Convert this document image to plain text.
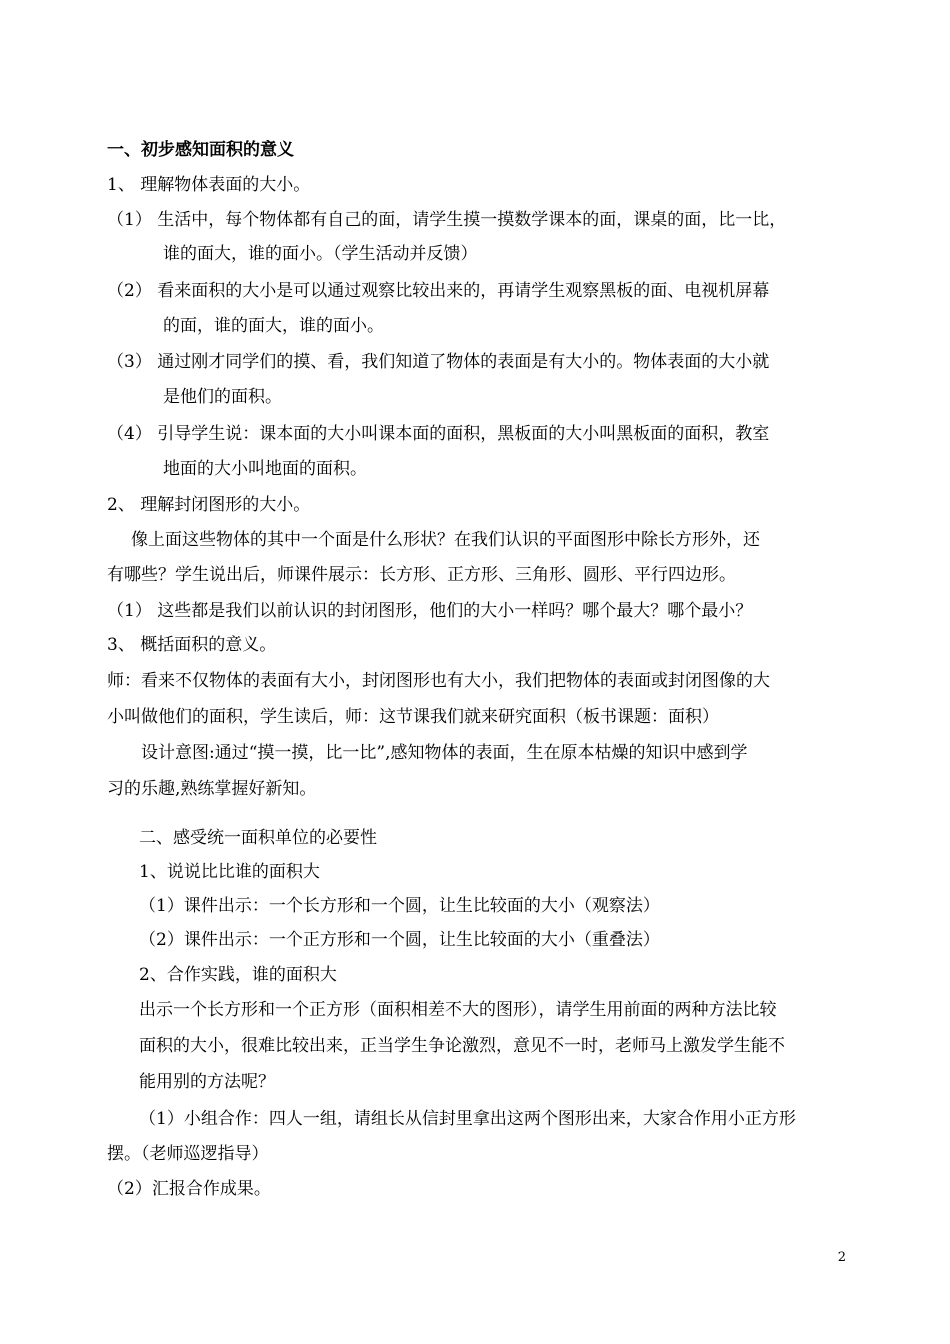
一、初步感知面积的意义
1、 理解物体表面的大小。
（1） 生活中，每个物体都有自己的面，请学生摸一摸数学课本的面，课桌的面，比一比，
谁的面大，谁的面小。（学生活动并反馈）
（2） 看来面积的大小是可以通过观察比较出来的，再请学生观察黑板的面、电视机屏幕
的面，谁的面大，谁的面小。
（3） 通过刚才同学们的摸、看，我们知道了物体的表面是有大小的。物体表面的大小就
是他们的面积。
（4） 引导学生说：课本面的大小叫课本面的面积，黑板面的大小叫黑板面的面积，教室
地面的大小叫地面的面积。
2、 理解封闭图形的大小。
像上面这些物体的其中一个面是什么形状？在我们认识的平面图形中除长方形外，还
有哪些？学生说出后，师课件展示：长方形、正方形、三角形、圆形、平行四边形。
（1） 这些都是我们以前认识的封闭图形，他们的大小一样吗？哪个最大？哪个最小？
3、 概括面积的意义。
师：看来不仅物体的表面有大小，封闭图形也有大小，我们把物体的表面或封闭图像的大
小叫做他们的面积，学生读后，师：这节课我们就来研究面积（板书课题：面积）
设计意图:通过“摸一摸，比一比”,感知物体的表面，生在原本枯燥的知识中感到学
习的乐趣,熟练掌握好新知。
二、感受统一面积单位的必要性
1、说说比比谁的面积大
（1）课件出示：一个长方形和一个圆，让生比较面的大小（观察法）
（2）课件出示：一个正方形和一个圆，让生比较面的大小（重叠法）
2、合作实践，谁的面积大
出示一个长方形和一个正方形（面积相差不大的图形），请学生用前面的两种方法比较
面积的大小，很难比较出来，正当学生争论激烈，意见不一时，老师马上激发学生能不
能用别的方法呢？
（1）小组合作：四人一组，请组长从信封里拿出这两个图形出来，大家合作用小正方形
摆。（老师巡逻指导）
（2）汇报合作成果。
2
